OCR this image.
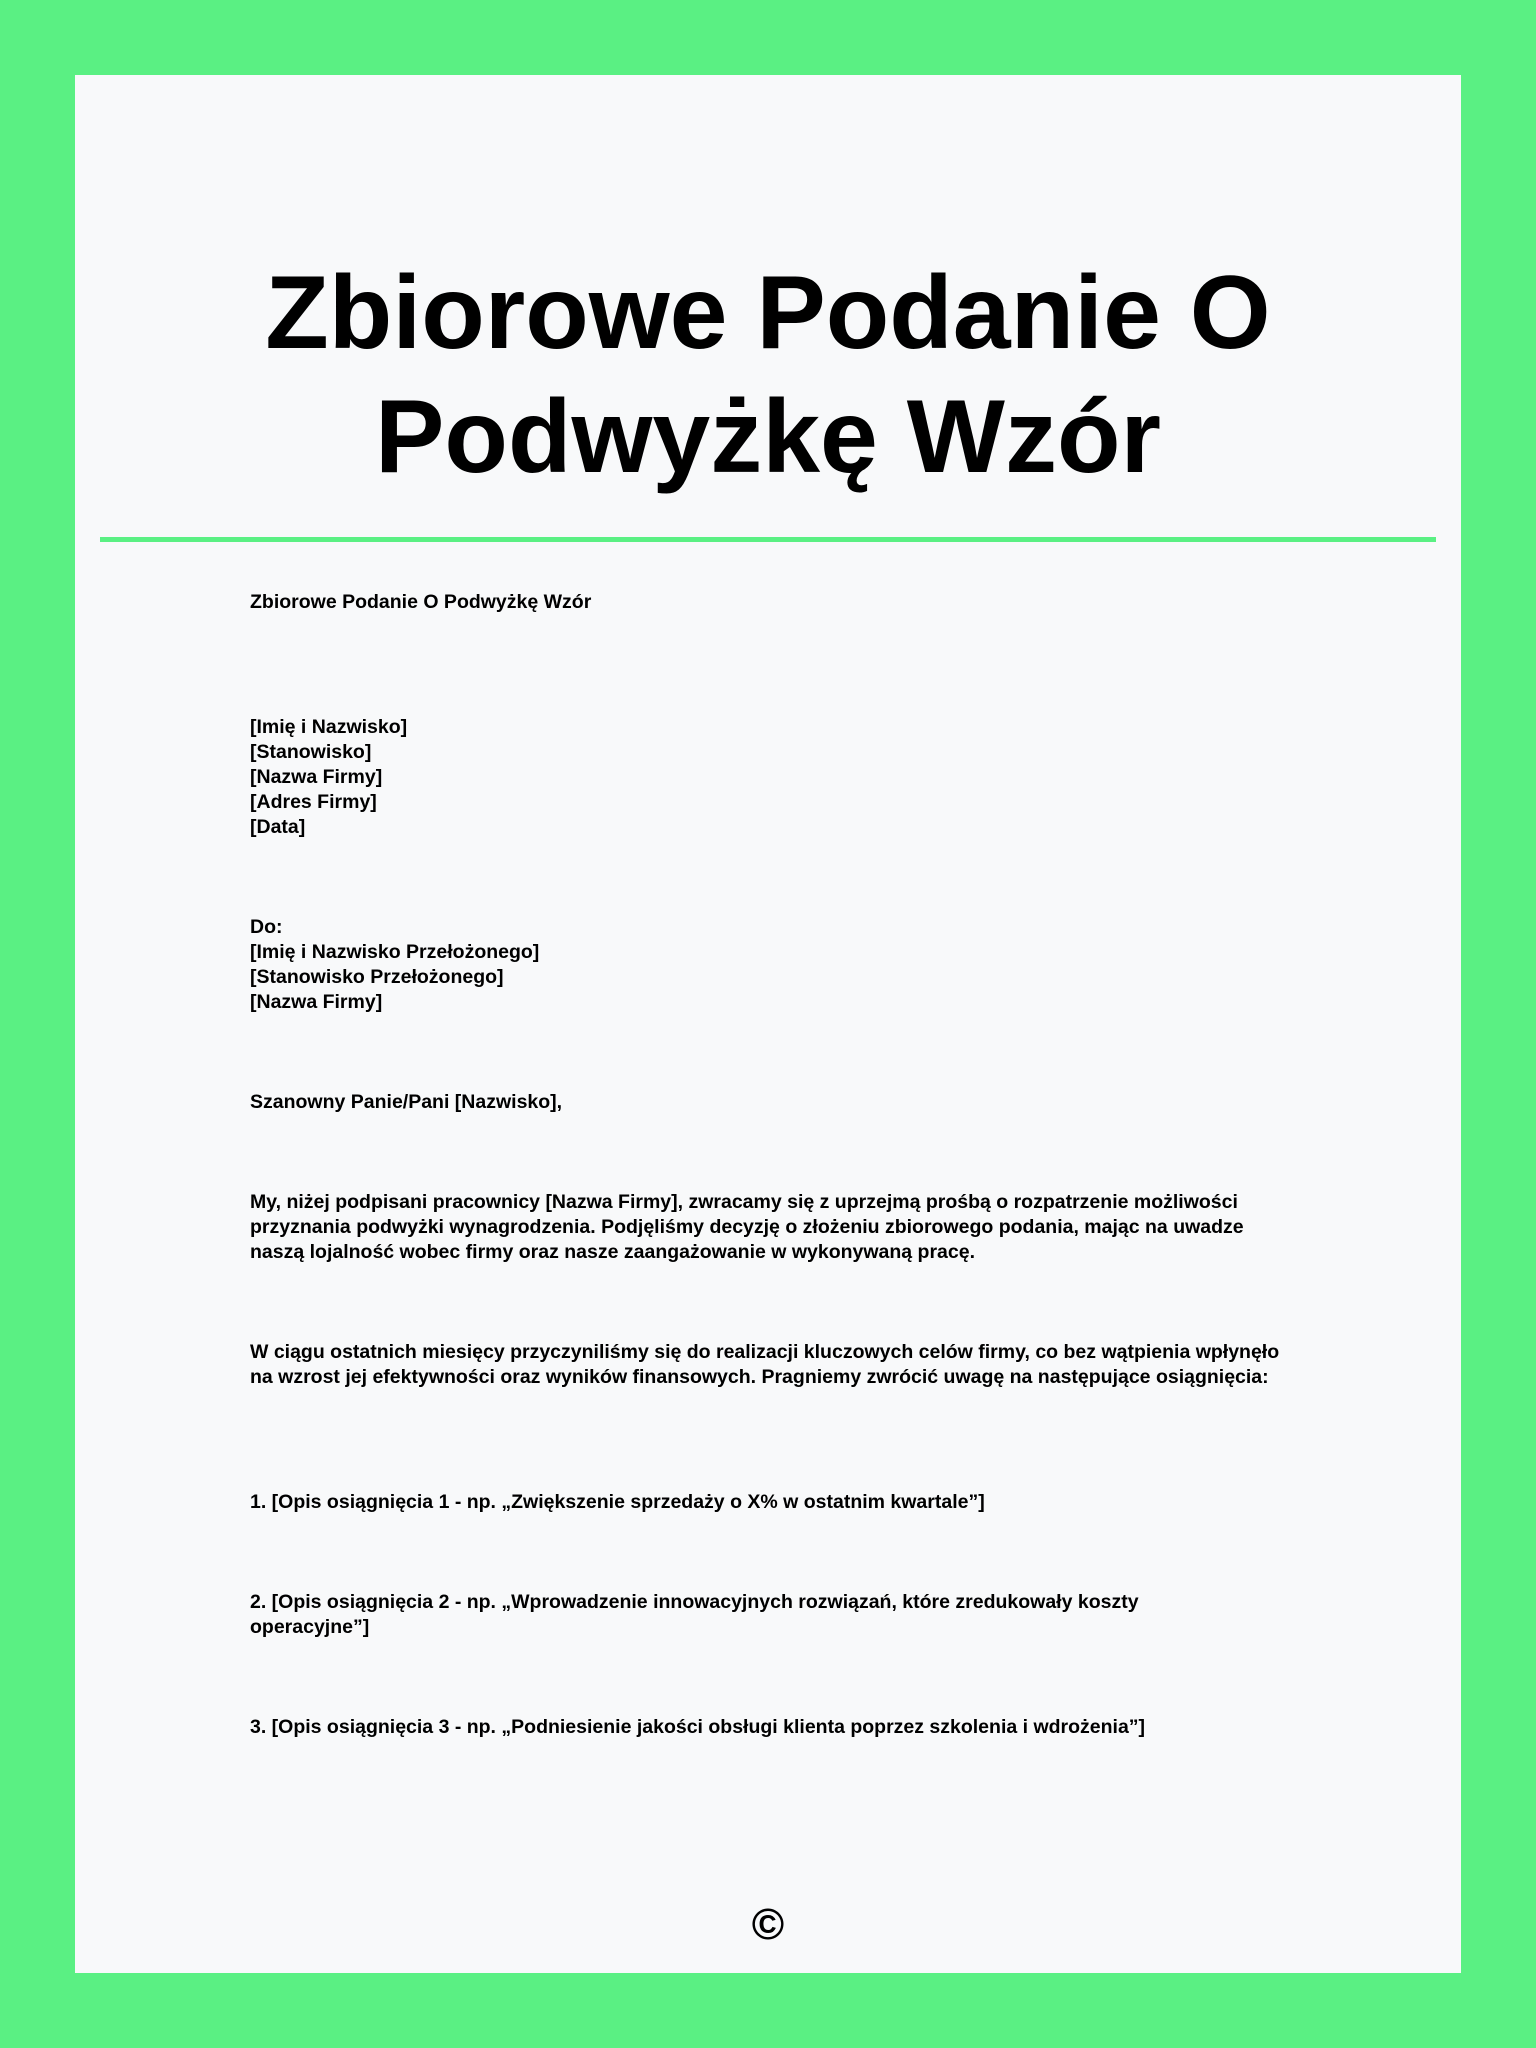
Zbiorowe Podanie O Podwyżkę Wzór

Zbiorowe Podanie O Podwyżkę Wzór

[Imię i Nazwisko]
[Stanowisko]
[Nazwa Firmy]
[Adres Firmy]
[Data]

Do:
[Imię i Nazwisko Przełożonego]
[Stanowisko Przełożonego]
[Nazwa Firmy]

Szanowny Panie/Pani [Nazwisko],

My, niżej podpisani pracownicy [Nazwa Firmy], zwracamy się z uprzejmą prośbą o rozpatrzenie możliwości przyznania podwyżki wynagrodzenia. Podjęliśmy decyzję o złożeniu zbiorowego podania, mając na uwadze naszą lojalność wobec firmy oraz nasze zaangażowanie w wykonywaną pracę.

W ciągu ostatnich miesięcy przyczyniliśmy się do realizacji kluczowych celów firmy, co bez wątpienia wpłynęło na wzrost jej efektywności oraz wyników finansowych. Pragniemy zwrócić uwagę na następujące osiągnięcia:

1. [Opis osiągnięcia 1 - np. „Zwiększenie sprzedaży o X% w ostatnim kwartale”]

2. [Opis osiągnięcia 2 - np. „Wprowadzenie innowacyjnych rozwiązań, które zredukowały koszty operacyjne”]

3. [Opis osiągnięcia 3 - np. „Podniesienie jakości obsługi klienta poprzez szkolenia i wdrożenia”]

©
